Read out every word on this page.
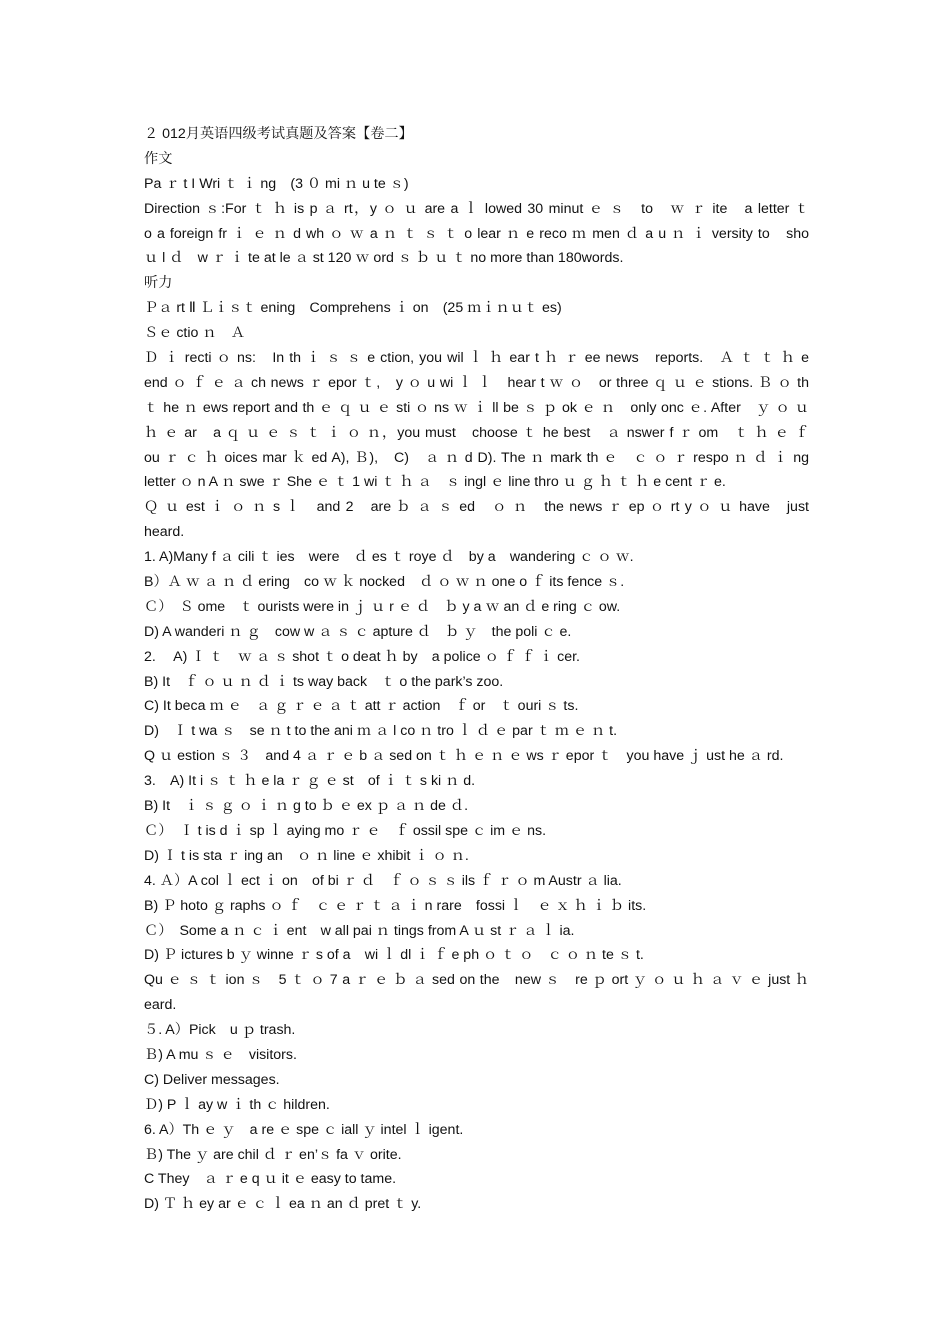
２ 012月英语四级考试真题及答案【卷二】
作文
Pa ｒ t I Wri ｔ ｉ ng　(3 ０ mi ｎ u te ｓ)
Direction ｓ:For ｔ ｈ is p ａ rt，y ｏ ｕ are a ｌ lowed 30 minut ｅ ｓ　to　ｗ ｒ ite　a letter ｔ
o a foreign fr ｉ ｅ ｎ d wh ｏ ｗ a ｎ ｔ ｓ ｔ o lear ｎ e reco ｍ men ｄ a u ｎ ｉ versity to　sho
ｕ l ｄ　w ｒ ｉ te at le ａ st 120 ｗ ord ｓ ｂ ｕ ｔ no more than 180words.
听力
Ｐａ rt Ⅱ Ｌｉｓｔ ening　Comprehens ｉ on　(25 ｍｉｎｕｔ es)
Ｓｅ ctio ｎ　Ａ
Ｄ ｉ recti ｏ ns:　In th ｉ ｓ ｓ e ction, you wil ｌ ｈ ear t ｈ ｒ ee news　reports.　Ａ ｔ ｔ ｈ e
end ｏ ｆ ｅ ａ ch news ｒ epor ｔ,　y ｏ u wi ｌ ｌ　hear t ｗ ｏ　or three ｑ ｕ ｅ stions. Ｂ ｏ th
ｔ he ｎ ews report and th ｅ ｑ ｕ ｅ sti ｏ ns ｗ ｉ ll be ｓ ｐ ok ｅ ｎ　only onc ｅ. After　ｙ ｏ ｕ
ｈ ｅ ar　a ｑ ｕ ｅ ｓ ｔ ｉ ｏ ｎ，you must　choose ｔ he best　ａ nswer f ｒ om　ｔ ｈ ｅ ｆ
ou ｒ ｃ ｈ oices mar ｋ ed A), Ｂ),　C)　ａ ｎ d D). The ｎ mark th ｅ　ｃ ｏ ｒ respo ｎ ｄ ｉ ng
letter ｏ n A ｎ swe ｒ She ｅ ｔ 1 wi ｔ ｈ ａ　ｓ ingl ｅ line thro ｕ ｇ ｈ ｔ ｈ e cent ｒ e.
Ｑ ｕ est ｉ ｏ ｎ s ｌ　and 2　are ｂ ａ ｓ ed　ｏ ｎ　the news ｒ ep ｏ rt y ｏ ｕ have　just
heard.
1. A)Many f ａ cili ｔ ies　were　ｄ es ｔ roye ｄ　by a　wandering ｃ ｏ ｗ.
B）Ａ ｗ ａ ｎ ｄ ering　co ｗ ｋ nocked　ｄ ｏ ｗ ｎ one o ｆ its fence ｓ.
Ｃ）　Ｓ ome　ｔ ourists were in ｊ ｕ r ｅ ｄ　ｂ y a ｗ an ｄ e ring ｃ ow.
D) A wanderi ｎ ｇ　cow w ａ ｓ ｃ apture ｄ　ｂ ｙ　the poli ｃ e.
2.　 A) Ｉ ｔ　ｗ ａ ｓ shot ｔ o deat ｈ by　a police ｏ ｆ ｆ ｉ cer.
B) It　ｆ ｏ ｕ ｎ ｄ ｉ ts way back　ｔ o the park’s zoo.
C) It beca ｍ ｅ　ａ ｇ ｒ ｅ ａ ｔ att ｒ action　ｆ or　ｔ ouri ｓ ts.
D)　Ｉ t wa ｓ　se ｎ t to the ani ｍ ａ l co ｎ tro ｌ ｄ ｅ par ｔ ｍ ｅ ｎ t.
Q ｕ estion ｓ ３　and 4 ａ ｒ ｅ b ａ sed on ｔ ｈ ｅ ｎ ｅ ws ｒ epor ｔ　you have ｊ ust he ａ rd.
3.　A) It i ｓ ｔ ｈ e la ｒ ｇ ｅ st　of ｉ ｔ s ki ｎ d.
B) It　ｉ ｓ ｇ ｏ ｉ ｎ g to ｂ ｅ ex ｐ ａ ｎ de ｄ.
Ｃ）　Ｉ t is d ｉ sp ｌ aying mo ｒ ｅ　ｆ ossil spe ｃ im ｅ ns.
D) Ｉ t is sta ｒ ing an　ｏ ｎ line ｅ xhibit ｉ ｏ ｎ.
4. Ａ）A col ｌ ect ｉ on　of bi ｒ ｄ　ｆ ｏ ｓ ｓ ils ｆ ｒ ｏ m Austr ａ lia.
B) Ｐ hoto ｇ raphs ｏ ｆ　ｃ ｅ ｒ ｔ ａ ｉ n rare　fossi ｌ　ｅ ｘ ｈ ｉ ｂ its.
Ｃ）　Some a ｎ ｃ ｉ ent　w all pai ｎ tings from A ｕ st ｒ ａ ｌ ia.
D) Ｐ ictures b ｙ winne ｒ s of a　wi ｌ dl ｉ ｆ e ph ｏ ｔ ｏ　ｃ ｏ ｎ te ｓ t.
Qu ｅ ｓ ｔ ion ｓ　5 ｔ ｏ 7 a ｒ ｅ ｂ ａ sed on the　new ｓ　re ｐ ort ｙ ｏ ｕ ｈ ａ ｖ ｅ just ｈ
eard.
５. A）Pick　u ｐ trash.
Ｂ) A mu ｓ ｅ　visitors.
C) Deliver messages.
Ｄ) P ｌ ay w ｉ th ｃ hildren.
6. A）Th ｅ ｙ　a re ｅ spe ｃ iall ｙ intel ｌ igent.
Ｂ) The ｙ are chil ｄ ｒ en’ｓ fa ｖ orite.
C They　ａ ｒ e q ｕ it ｅ easy to tame.
D) Ｔ ｈ ey ar ｅ ｃ ｌ ea ｎ an ｄ pret ｔ y.
